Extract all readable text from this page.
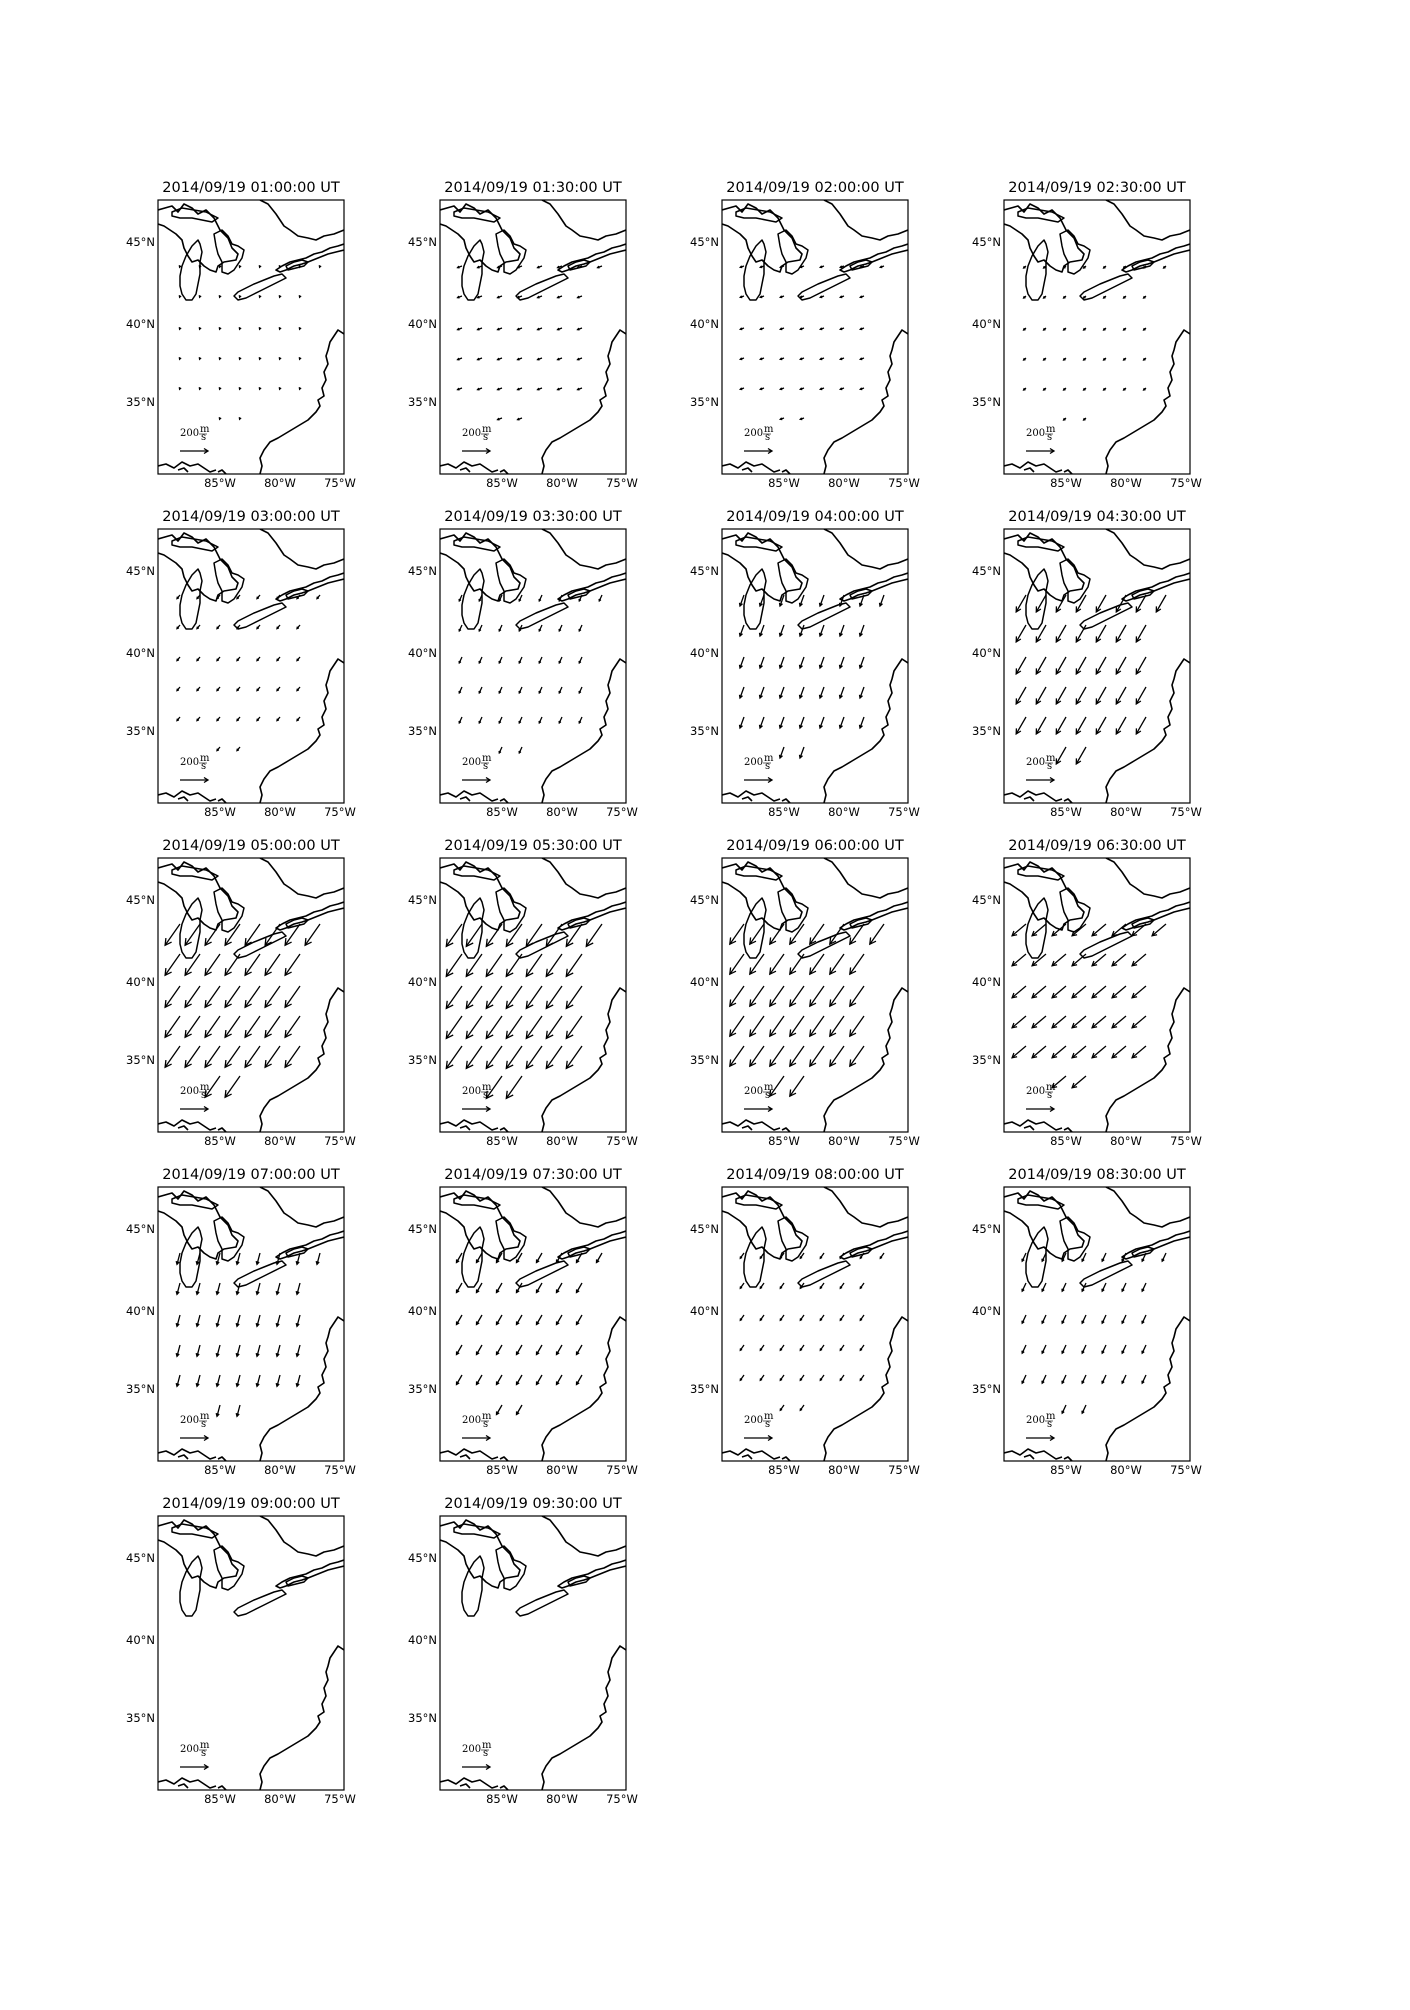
2014/09/19 01:00:00 UT
200 m
s
45°N
40°N
35°N
85°W 80°W 75°W
2014/09/19 01:30:00 UT
200 m
s
45°N
40°N
35°N
85°W 80°W 75°W
2014/09/19 02:00:00 UT
200 m
s
45°N
40°N
35°N
85°W 80°W 75°W
2014/09/19 02:30:00 UT
200 m
s
45°N
40°N
35°N
85°W 80°W 75°W
2014/09/19 03:00:00 UT
200 m
s
45°N
40°N
35°N
85°W 80°W 75°W
2014/09/19 03:30:00 UT
200 m
s
45°N
40°N
35°N
85°W 80°W 75°W
2014/09/19 04:00:00 UT
200 m
s
45°N
40°N
35°N
85°W 80°W 75°W
2014/09/19 04:30:00 UT
200 m
s
45°N
40°N
35°N
85°W 80°W 75°W
2014/09/19 05:00:00 UT
200 m
s
45°N
40°N
35°N
85°W 80°W 75°W
2014/09/19 05:30:00 UT
200 m
s
45°N
40°N
35°N
85°W 80°W 75°W
2014/09/19 06:00:00 UT
200 m
s
45°N
40°N
35°N
85°W 80°W 75°W
2014/09/19 06:30:00 UT
200 m
s
45°N
40°N
35°N
85°W 80°W 75°W
2014/09/19 07:00:00 UT
200 m
s
45°N
40°N
35°N
85°W 80°W 75°W
2014/09/19 07:30:00 UT
200 m
s
45°N
40°N
35°N
85°W 80°W 75°W
2014/09/19 08:00:00 UT
200 m
s
45°N
40°N
35°N
85°W 80°W 75°W
2014/09/19 08:30:00 UT
200 m
s
45°N
40°N
35°N
85°W 80°W 75°W
2014/09/19 09:00:00 UT
200 m
s
45°N
40°N
35°N
85°W 80°W 75°W
2014/09/19 09:30:00 UT
200 m
s
45°N
40°N
35°N
85°W 80°W 75°W
